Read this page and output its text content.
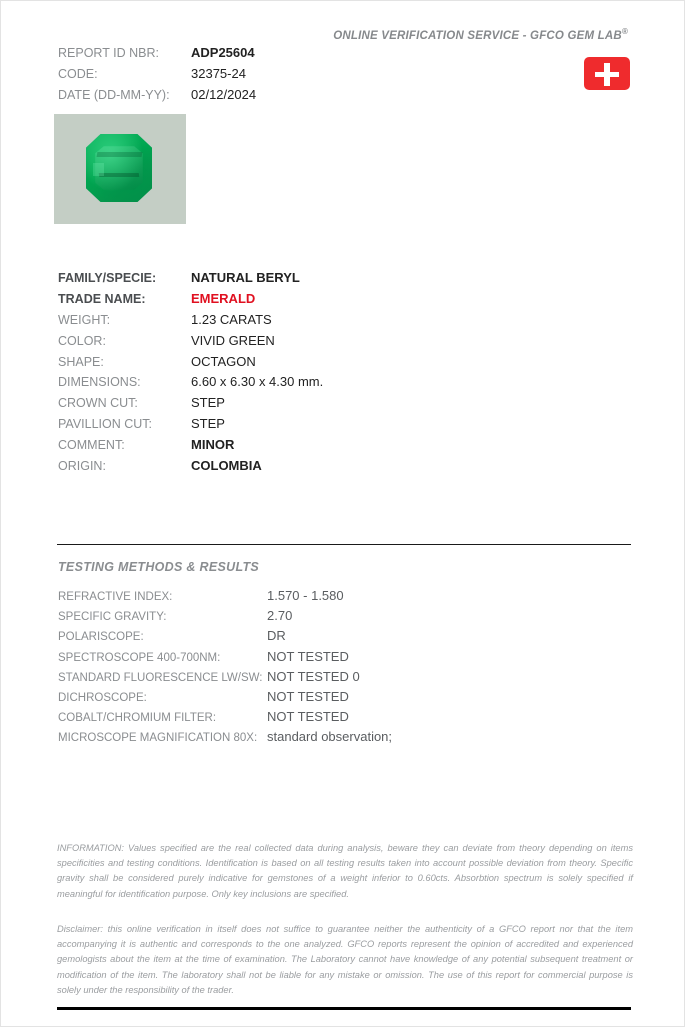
ONLINE VERIFICATION SERVICE - GFCO GEM LAB®
REPORT ID NBR:	ADP25604
CODE:	32375-24
DATE (DD-MM-YY):	02/12/2024
FAMILY/SPECIE:	NATURAL BERYL
TRADE NAME:	EMERALD
WEIGHT:	1.23 CARATS
COLOR:	VIVID GREEN
SHAPE:	OCTAGON
DIMENSIONS:	6.60 x 6.30 x 4.30 mm.
CROWN CUT:	STEP
PAVILLION CUT:	STEP
COMMENT:	MINOR
ORIGIN:	COLOMBIA
TESTING METHODS & RESULTS
REFRACTIVE INDEX:	1.570 - 1.580
SPECIFIC GRAVITY:	2.70
POLARISCOPE:	DR
SPECTROSCOPE 400-700NM:	NOT TESTED
STANDARD FLUORESCENCE LW/SW: NOT TESTED 0
DICHROSCOPE:	NOT TESTED
COBALT/CHROMIUM FILTER:	NOT TESTED
MICROSCOPE MAGNIFICATION 80X: standard observation;
INFORMATION: Values specified are the real collected data during analysis, beware they can deviate from theory depending on items specificities and testing conditions. Identification is based on all testing results taken into account possible deviation from theory. Specific gravity shall be considered purely indicative for gemstones of a weight inferior to 0.60cts. Absorbtion spectrum is solely specified if meaningful for identification purpose. Only key inclusions are specified.
Disclaimer: this online verification in itself does not suffice to guarantee neither the authenticity of a GFCO report nor that the item accompanying it is authentic and corresponds to the one analyzed. GFCO reports represent the opinion of accredited and experienced gemologists about the item at the time of examination. The Laboratory cannot have knowledge of any potential subsequent treatment or modification of the item. The laboratory shall not be liable for any mistake or omission. The use of this report for commercial purpose is solely under the responsibility of the trader.
